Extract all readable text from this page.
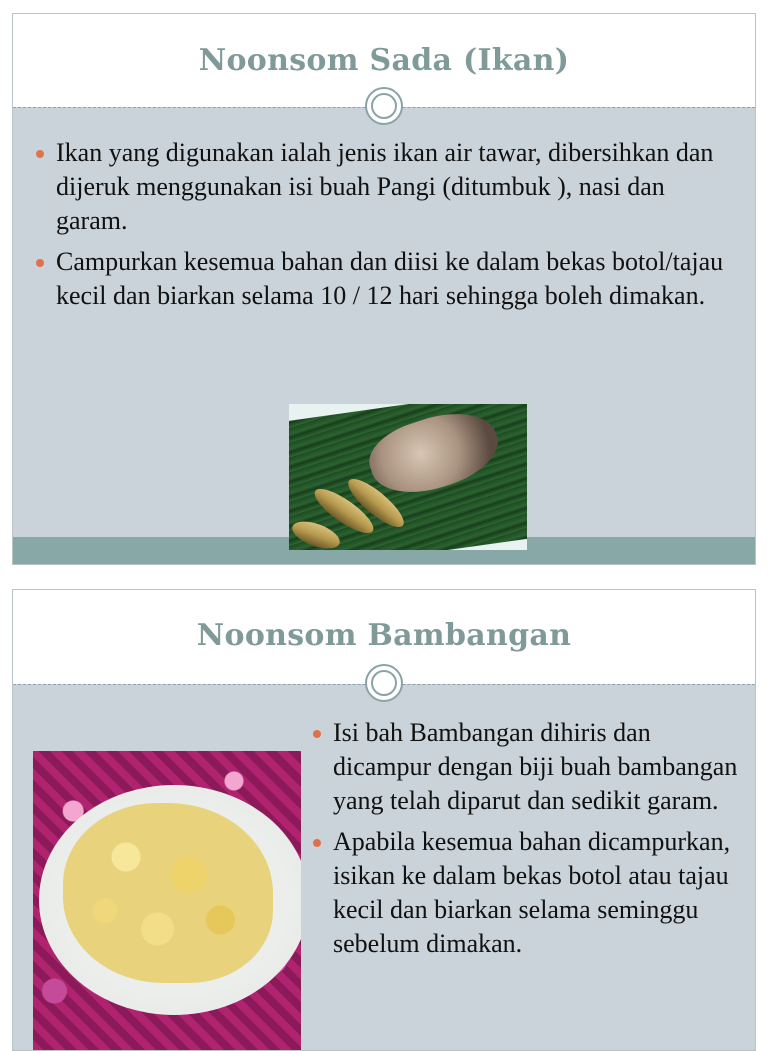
Noonsom Sada (Ikan)
Ikan yang digunakan ialah jenis ikan air tawar, dibersihkan dan dijeruk menggunakan isi buah Pangi (ditumbuk ), nasi dan garam.
Campurkan kesemua bahan dan diisi ke dalam bekas botol/tajau kecil dan biarkan selama 10 / 12 hari sehingga boleh dimakan.
Noonsom Bambangan
Isi bah Bambangan dihiris dan dicampur dengan biji buah bambangan yang telah diparut dan sedikit garam.
Apabila kesemua bahan dicampurkan, isikan ke dalam bekas botol atau tajau kecil dan biarkan selama seminggu sebelum dimakan.
